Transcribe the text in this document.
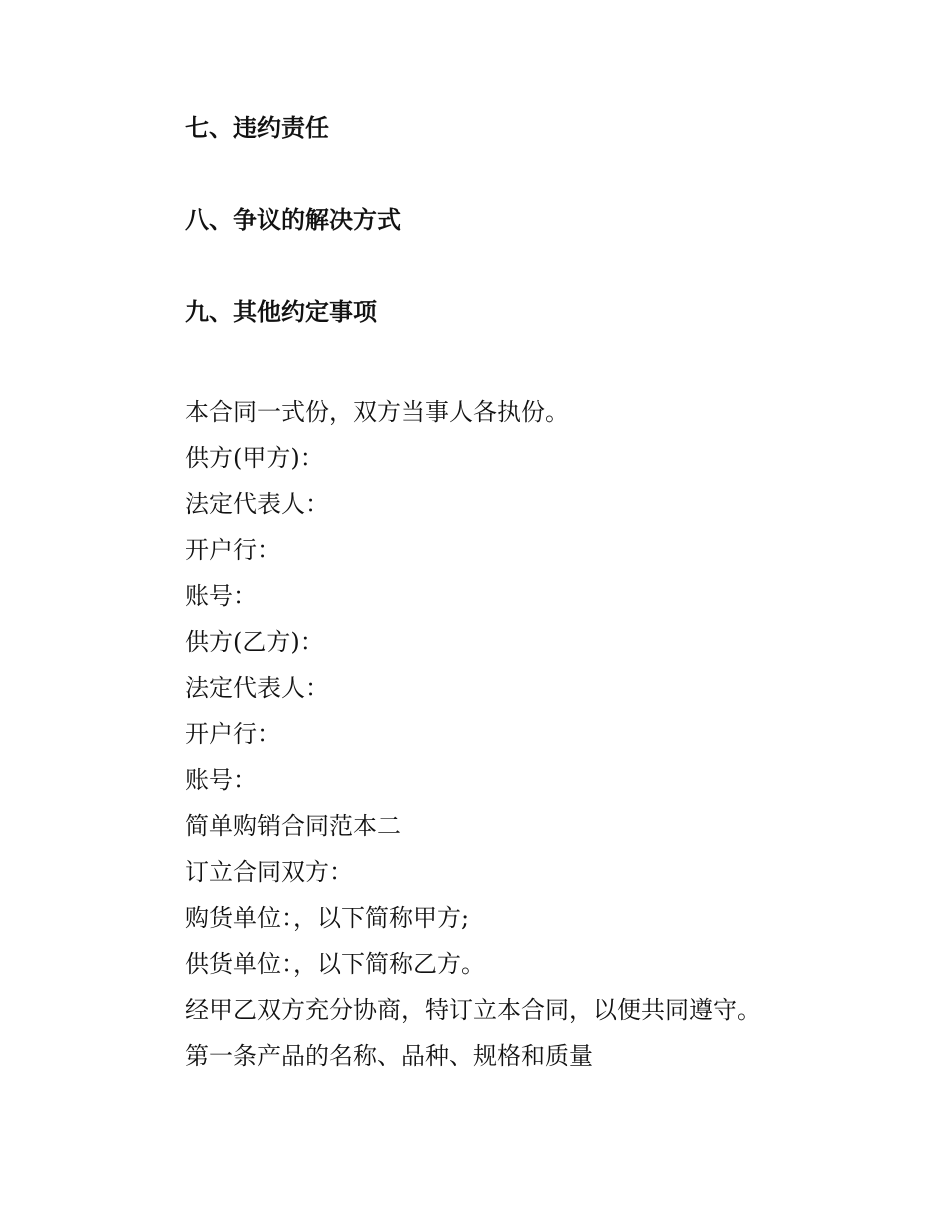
七、违约责任
八、争议的解决方式
九、其他约定事项
本合同一式份，双方当事人各执份。
供方(甲方)：
法定代表人：
开户行：
账号：
供方(乙方)：
法定代表人：
开户行：
账号：
简单购销合同范本二
订立合同双方：
购货单位：，以下简称甲方;
供货单位：，以下简称乙方。
经甲乙双方充分协商，特订立本合同，以便共同遵守。
第一条产品的名称、品种、规格和质量
